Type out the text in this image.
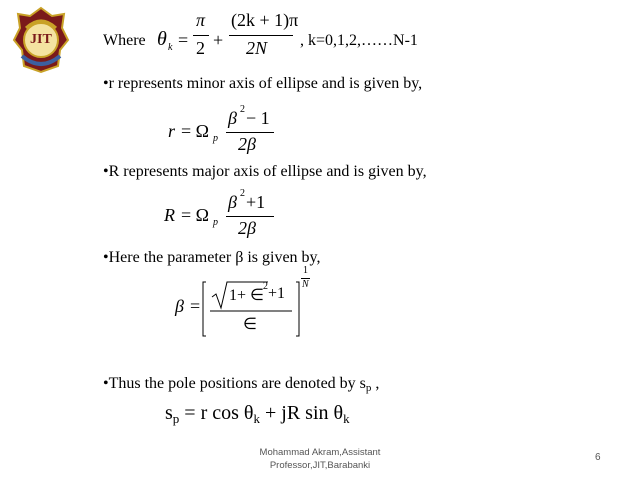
JIT	Where θ k =
π
2 +
(2k + 1)π
2N , k=0,1,2,……N-1
•r represents minor axis of ellipse and is given by,
r = Ω p
β 2 − 1
2β
•R represents major axis of ellipse and is given by,
R = Ω p
β 2 +1
2β
•Here the parameter β is given by,
β =
1+ ∈
2 +1
∈
1
N
•Thus the pole positions are denoted by sp ,
$s_p = r$ $\cos \theta_k$ + jR $\sin \theta_k$
Mohammad Akram,Assistant
Professor,JIT,Barabanki
6
